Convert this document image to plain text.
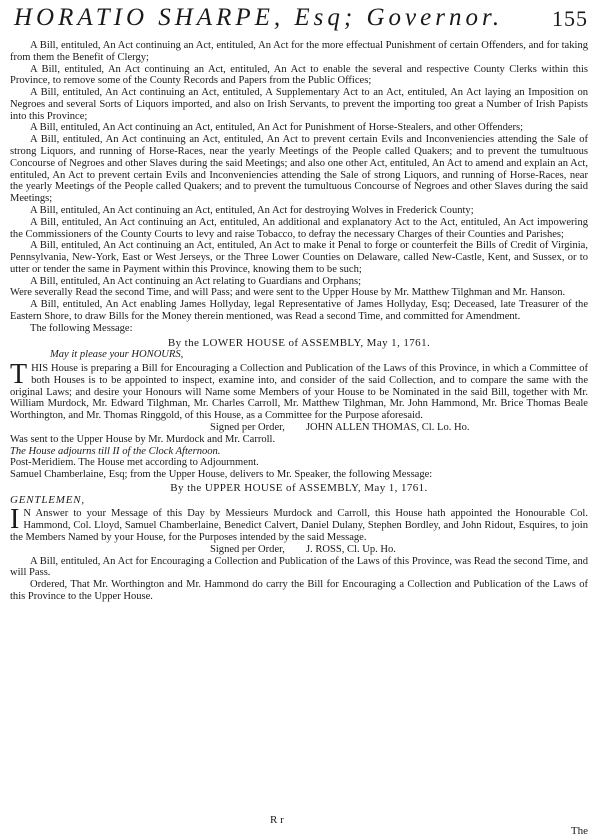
HORATIO SHARPE, Esq; Governor. 155

A Bill, entituled, An Act continuing an Act, entituled, An Act for the more effectual Punishment of certain Offenders, and for taking from them the Benefit of Clergy;

A Bill, entituled, An Act continuing an Act, entituled, An Act to enable the several and respective County Clerks within this Province, to remove some of the County Records and Papers from the Public Offices;

A Bill, entituled, An Act continuing an Act, entituled, A Supplementary Act to an Act, entituled, An Act laying an Imposition on Negroes and several Sorts of Liquors imported, and also on Irish Servants, to prevent the importing too great a Number of Irish Papists into this Province;

A Bill, entituled, An Act continuing an Act, entituled, An Act for Punishment of Horse-Stealers, and other Offenders;

A Bill, entituled, An Act continuing an Act, entituled, An Act to prevent certain Evils and Inconveniencies attending the Sale of strong Liquors, and running of Horse-Races, near the yearly Meetings of the People called Quakers; and to prevent the tumultuous Concourse of Negroes and other Slaves during the said Meetings; and also one other Act, entituled, An Act to amend and explain an Act, entituled, An Act to prevent certain Evils and Inconveniencies attending the Sale of strong Liquors, and running of Horse-Races, near the yearly Meetings of the People called Quakers; and to prevent the tumultuous Concourse of Negroes and other Slaves during the said Meetings;

A Bill, entituled, An Act continuing an Act, entituled, An Act for destroying Wolves in Frederick County;

A Bill, entituled, An Act continuing an Act, entituled, An additional and explanatory Act to the Act, entituled, An Act impowering the Commissioners of the County Courts to levy and raise Tobacco, to defray the necessary Charges of their Counties and Parishes;

A Bill, entituled, An Act continuing an Act, entituled, An Act to make it Penal to forge or counterfeit the Bills of Credit of Virginia, Pennsylvania, New-York, East or West Jerseys, or the Three Lower Counties on Delaware, called New-Castle, Kent, and Sussex, or to utter or tender the same in Payment within this Province, knowing them to be such;

A Bill, entituled, An Act continuing an Act relating to Guardians and Orphans;

Were severally Read the second Time, and will Pass; and were sent to the Upper House by Mr. Matthew Tilghman and Mr. Hanson.

A Bill, entituled, An Act enabling James Hollyday, legal Representative of James Hollyday, Esq; Deceased, late Treasurer of the Eastern Shore, to draw Bills for the Money therein mentioned, was Read a second Time, and committed for Amendment.

The following Message:

By the LOWER HOUSE of ASSEMBLY, May 1, 1761.

May it please your HONOURS,

THIS House is preparing a Bill for Encouraging a Collection and Publication of the Laws of this Province, in which a Committee of both Houses is to be appointed to inspect, examine into, and consider of the said Collection, and to compare the same with the original Laws; and desire your Honours will Name some Members of your House to be Nominated in the said Bill, together with Mr. William Murdock, Mr. Edward Tilghman, Mr. Charles Carroll, Mr. Matthew Tilghman, Mr. John Hammond, Mr. Brice Thomas Beale Worthington, and Mr. Thomas Ringgold, of this House, as a Committee for the Purpose aforesaid.

Signed per Order,        JOHN ALLEN THOMAS, Cl. Lo. Ho.

Was sent to the Upper House by Mr. Murdock and Mr. Carroll.

The House adjourns till II of the Clock Afternoon.

Post-Meridiem. The House met according to Adjournment.

Samuel Chamberlaine, Esq; from the Upper House, delivers to Mr. Speaker, the following Message:

By the UPPER HOUSE of ASSEMBLY, May 1, 1761.

GENTLEMEN,

I N Answer to your Message of this Day by Messieurs Murdock and Carroll, this House hath appointed the Honourable Col. Hammond, Col. Lloyd, Samuel Chamberlaine, Benedict Calvert, Daniel Dulany, Stephen Bordley, and John Ridout, Esquires, to join the Members Named by your House, for the Purposes intended by the said Message.

Signed per Order,        J. ROSS, Cl. Up. Ho.

A Bill, entituled, An Act for Encouraging a Collection and Publication of the Laws of this Province, was Read the second Time, and will Pass.

Ordered, That Mr. Worthington and Mr. Hammond do carry the Bill for Encouraging a Collection and Publication of the Laws of this Province to the Upper House.

R r
The
